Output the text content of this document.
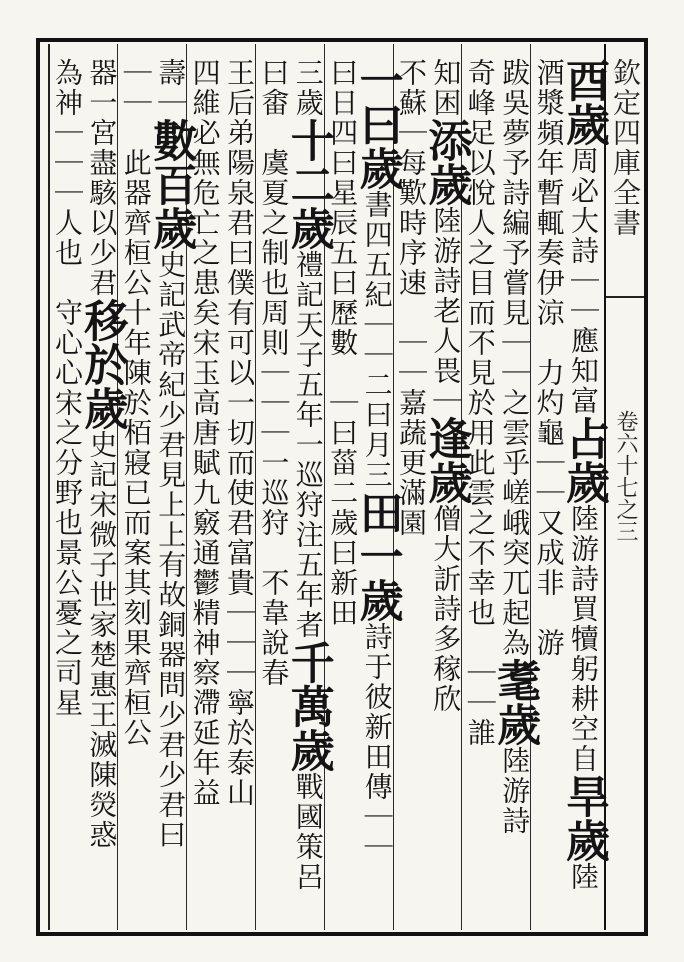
欽定四庫全書
卷六十七之三
酉歲周必大詩｜｜應知富占歲陸游詩買犢躬耕空自旱歲陸
酒漿頻年暫輒奏伊涼　力灼龜｜｜又成非　游
跋吳夢予詩編予嘗見｜｜之雲乎嵯峨突兀起為耄歲陸游詩
奇峰足以悅人之目而不見於用此雲之不幸也　｜｜誰
知困添歲陸游詩老人畏｜逢歲僧大訢詩多稼欣
不蘇｜每歎時序速　｜｜嘉蔬更滿園
一曰歲書四五紀｜｜二曰月三田一歲詩于彼新田傳｜｜
曰日四曰星辰五曰歷數　｜曰菑二歲曰新田
三歲十二歲禮記天子五年一巡狩注五年者千萬歲戰國策呂
曰畬　虞夏之制也周則｜｜｜一巡狩　不韋說春
王后弟陽泉君曰僕有可以一切而使君富貴｜｜｜寧於泰山
四維必無危亡之患矣宋玉高唐賦九竅通鬱精神察滯延年益
壽｜數百歲史記武帝紀少君見上上有故銅器問少君少君曰
｜｜　此器齊桓公十年陳於栢寢已而案其刻果齊桓公
器一宮盡駭以少君移於歲史記宋微子世家楚惠王滅陳熒惑
為神｜｜｜人也　守心心宋之分野也景公憂之司星
